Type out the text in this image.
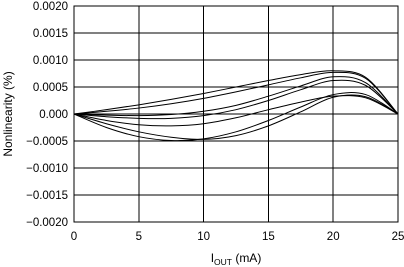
0	5	10	15	20	25
0.0020
0.0015
0.0010
0.0005
0.000
−0.0005
−0.0010
−0.0015
−0.0020
$I_{OUT}$ (mA)
Nonlinearity (%)
